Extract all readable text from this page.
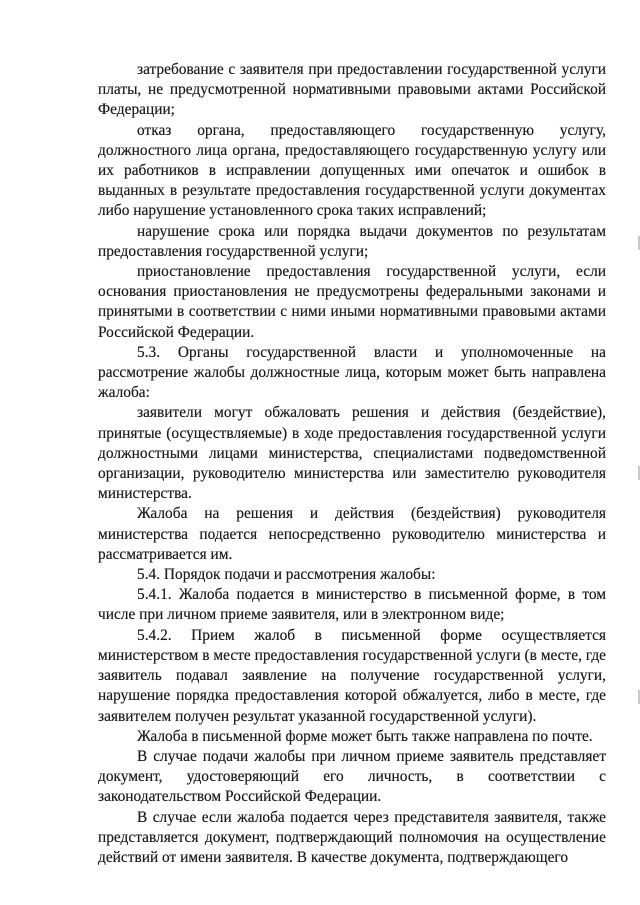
затребование с заявителя при предоставлении государственной услуги платы, не предусмотренной нормативными правовыми актами Российской Федерации;

отказ органа, предоставляющего государственную услугу, должностного лица органа, предоставляющего государственную услугу или их работников в исправлении допущенных ими опечаток и ошибок в выданных в результате предоставления государственной услуги документах либо нарушение установленного срока таких исправлений;

нарушение срока или порядка выдачи документов по результатам предоставления государственной услуги;

приостановление предоставления государственной услуги, если основания приостановления не предусмотрены федеральными законами и принятыми в соответствии с ними иными нормативными правовыми актами Российской Федерации.

5.3. Органы государственной власти и уполномоченные на рассмотрение жалобы должностные лица, которым может быть направлена жалоба:

заявители могут обжаловать решения и действия (бездействие), принятые (осуществляемые) в ходе предоставления государственной услуги должностными лицами министерства, специалистами подведомственной организации, руководителю министерства или заместителю руководителя министерства.

Жалоба на решения и действия (бездействия) руководителя министерства подается непосредственно руководителю министерства и рассматривается им.

5.4. Порядок подачи и рассмотрения жалобы:

5.4.1. Жалоба подается в министерство в письменной форме, в том числе при личном приеме заявителя, или в электронном виде;

5.4.2. Прием жалоб в письменной форме осуществляется министерством в месте предоставления государственной услуги (в месте, где заявитель подавал заявление на получение государственной услуги, нарушение порядка предоставления которой обжалуется, либо в месте, где заявителем получен результат указанной государственной услуги).

Жалоба в письменной форме может быть также направлена по почте.

В случае подачи жалобы при личном приеме заявитель представляет документ, удостоверяющий его личность, в соответствии с законодательством Российской Федерации.

В случае если жалоба подается через представителя заявителя, также представляется документ, подтверждающий полномочия на осуществление действий от имени заявителя. В качестве документа, подтверждающего
